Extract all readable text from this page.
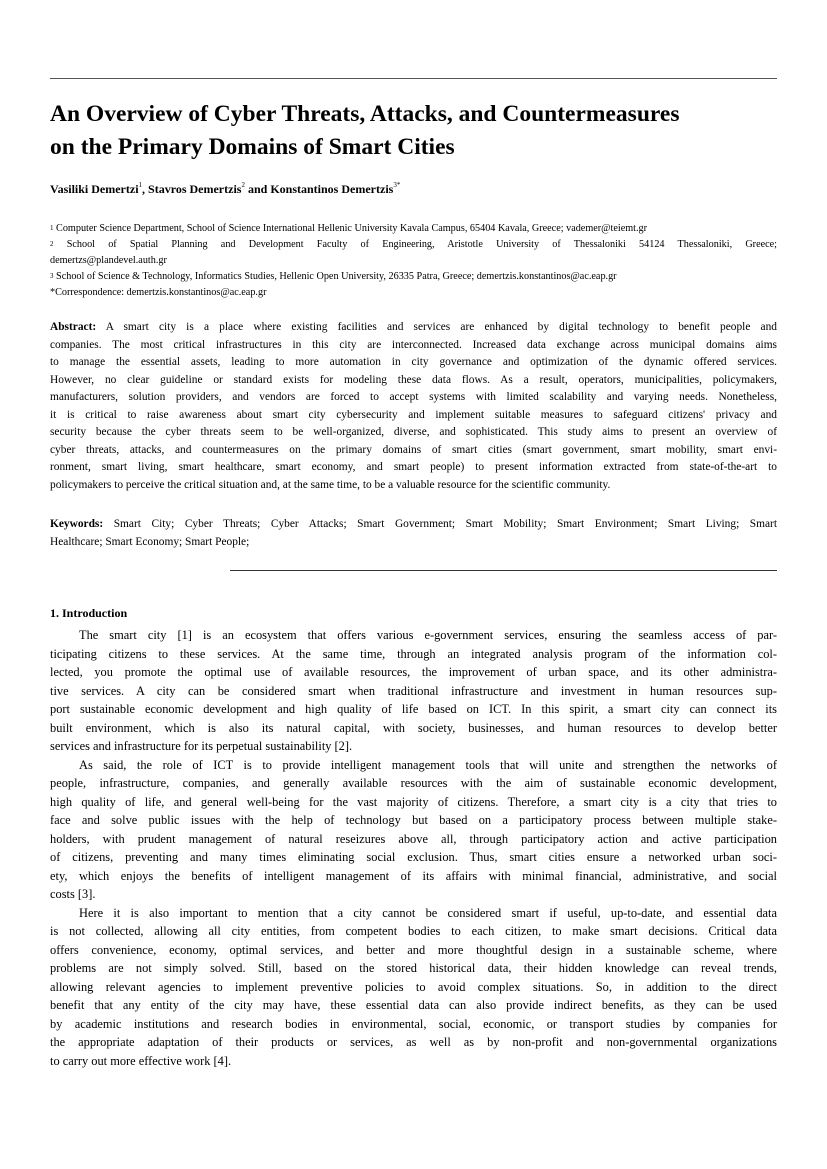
An Overview of Cyber Threats, Attacks, and Countermeasures
on the Primary Domains of Smart Cities
Vasiliki Demertzi$^1$, Stavros Demertzis$^2$ and Konstantinos Demertzis$^{3*}$
$^1$ Computer Science Department, School of Science International Hellenic University Kavala Campus, 65404 Kavala, Greece; vademer@teiemt.gr
$^2$ School of Spatial Planning and Development Faculty of Engineering, Aristotle University of Thessaloniki 54124 Thessaloniki, Greece;
demertzs@plandevel.auth.gr
$^3$ School of Science & Technology, Informatics Studies, Hellenic Open University, 26335 Patra, Greece; demertzis.konstantinos@ac.eap.gr
*Correspondence: demertzis.konstantinos@ac.eap.gr
Abstract: A smart city is a place where existing facilities and services are enhanced by digital technology to benefit people and
companies. The most critical infrastructures in this city are interconnected. Increased data exchange across municipal domains aims
to manage the essential assets, leading to more automation in city governance and optimization of the dynamic offered services.
However, no clear guideline or standard exists for modeling these data flows. As a result, operators, municipalities, policymakers,
manufacturers, solution providers, and vendors are forced to accept systems with limited scalability and varying needs. Nonetheless,
it is critical to raise awareness about smart city cybersecurity and implement suitable measures to safeguard citizens' privacy and
security because the cyber threats seem to be well-organized, diverse, and sophisticated. This study aims to present an overview of
cyber threats, attacks, and countermeasures on the primary domains of smart cities (smart government, smart mobility, smart envi-
ronment, smart living, smart healthcare, smart economy, and smart people) to present information extracted from state-of-the-art to
policymakers to perceive the critical situation and, at the same time, to be a valuable resource for the scientific community.
Keywords: Smart City; Cyber Threats; Cyber Attacks; Smart Government; Smart Mobility; Smart Environment; Smart Living; Smart
Healthcare; Smart Economy; Smart People;
1. Introduction
The smart city [1] is an ecosystem that offers various e-government services, ensuring the seamless access of par-
ticipating citizens to these services. At the same time, through an integrated analysis program of the information col-
lected, you promote the optimal use of available resources, the improvement of urban space, and its other administra-
tive services. A city can be considered smart when traditional infrastructure and investment in human resources sup-
port sustainable economic development and high quality of life based on ICT. In this spirit, a smart city can connect its
built environment, which is also its natural capital, with society, businesses, and human resources to develop better
services and infrastructure for its perpetual sustainability [2].
As said, the role of ICT is to provide intelligent management tools that will unite and strengthen the networks of
people, infrastructure, companies, and generally available resources with the aim of sustainable economic development,
high quality of life, and general well-being for the vast majority of citizens. Therefore, a smart city is a city that tries to
face and solve public issues with the help of technology but based on a participatory process between multiple stake-
holders, with prudent management of natural reseizures above all, through participatory action and active participation
of citizens, preventing and many times eliminating social exclusion. Thus, smart cities ensure a networked urban soci-
ety, which enjoys the benefits of intelligent management of its affairs with minimal financial, administrative, and social
costs [3].
Here it is also important to mention that a city cannot be considered smart if useful, up-to-date, and essential data
is not collected, allowing all city entities, from competent bodies to each citizen, to make smart decisions. Critical data
offers convenience, economy, optimal services, and better and more thoughtful design in a sustainable scheme, where
problems are not simply solved. Still, based on the stored historical data, their hidden knowledge can reveal trends,
allowing relevant agencies to implement preventive policies to avoid complex situations. So, in addition to the direct
benefit that any entity of the city may have, these essential data can also provide indirect benefits, as they can be used
by academic institutions and research bodies in environmental, social, economic, or transport studies by companies for
the appropriate adaptation of their products or services, as well as by non-profit and non-governmental organizations
to carry out more effective work [4].
